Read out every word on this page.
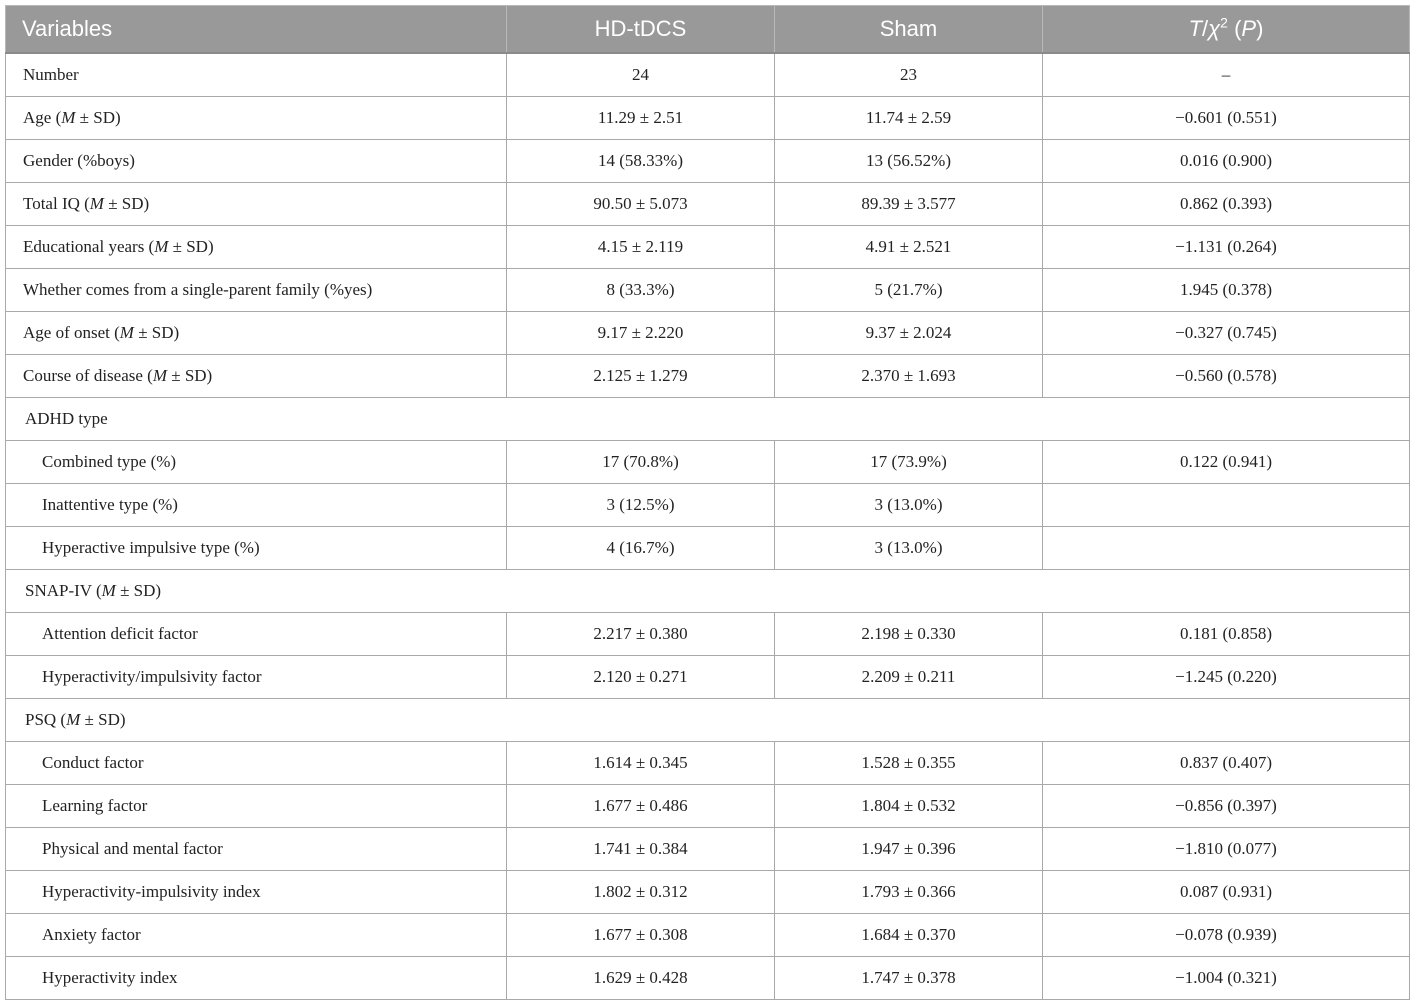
Variables	HD-tDCS	Sham	$T/\chi^2$ (P)
Number	24	23	–
Age (M ± SD)	11.29 ± 2.51	11.74 ± 2.59	−0.601 (0.551)
Gender (%boys)	14 (58.33%)	13 (56.52%)	0.016 (0.900)
Total IQ (M ± SD)	90.50 ± 5.073	89.39 ± 3.577	0.862 (0.393)
Educational years (M ± SD)	4.15 ± 2.119	4.91 ± 2.521	−1.131 (0.264)
Whether comes from a single-parent family (%yes)	8 (33.3%)	5 (21.7%)	1.945 (0.378)
Age of onset (M ± SD)	9.17 ± 2.220	9.37 ± 2.024	−0.327 (0.745)
Course of disease (M ± SD)	2.125 ± 1.279	2.370 ± 1.693	−0.560 (0.578)
ADHD type			
Combined type (%)	17 (70.8%)	17 (73.9%)	0.122 (0.941)
Inattentive type (%)	3 (12.5%)	3 (13.0%)	
Hyperactive impulsive type (%)	4 (16.7%)	3 (13.0%)	
SNAP-IV (M ± SD)			
Attention deficit factor	2.217 ± 0.380	2.198 ± 0.330	0.181 (0.858)
Hyperactivity/impulsivity factor	2.120 ± 0.271	2.209 ± 0.211	−1.245 (0.220)
PSQ (M ± SD)			
Conduct factor	1.614 ± 0.345	1.528 ± 0.355	0.837 (0.407)
Learning factor	1.677 ± 0.486	1.804 ± 0.532	−0.856 (0.397)
Physical and mental factor	1.741 ± 0.384	1.947 ± 0.396	−1.810 (0.077)
Hyperactivity-impulsivity index	1.802 ± 0.312	1.793 ± 0.366	0.087 (0.931)
Anxiety factor	1.677 ± 0.308	1.684 ± 0.370	−0.078 (0.939)
Hyperactivity index	1.629 ± 0.428	1.747 ± 0.378	−1.004 (0.321)
